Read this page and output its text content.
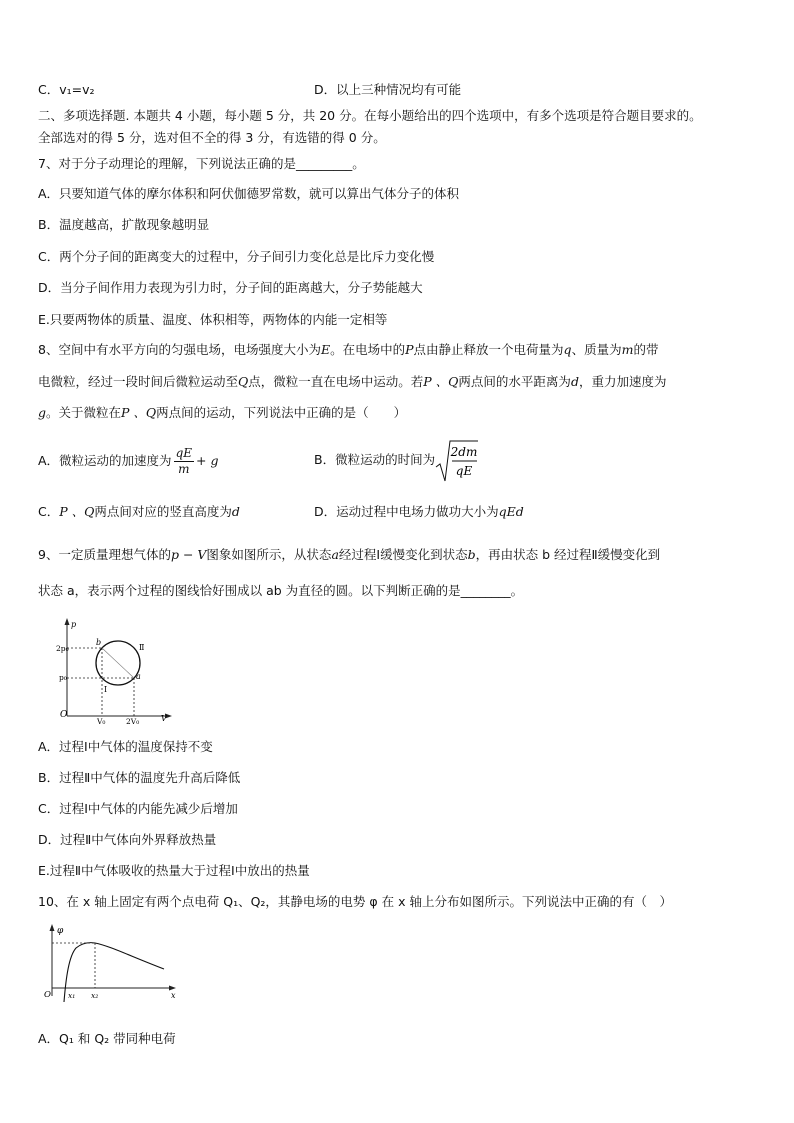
C．v₁=v₂	D．以上三种情况均有可能
二、多项选择题. 本题共 4 小题，每小题 5 分，共 20 分。在每小题给出的四个选项中，有多个选项是符合题目要求的。
全部选对的得 5 分，选对但不全的得 3 分，有选错的得 0 分。
7、对于分子动理论的理解，下列说法正确的是_________。
A．只要知道气体的摩尔体积和阿伏伽德罗常数，就可以算出气体分子的体积
B．温度越高，扩散现象越明显
C．两个分子间的距离变大的过程中，分子间引力变化总是比斥力变化慢
D．当分子间作用力表现为引力时，分子间的距离越大，分子势能越大
E.只要两物体的质量、温度、体积相等，两物体的内能一定相等
8、空间中有水平方向的匀强电场，电场强度大小为E。在电场中的P点由静止释放一个电荷量为q、质量为m的带
电微粒，经过一段时间后微粒运动至Q点，微粒一直在电场中运动。若P 、Q两点间的水平距离为d，重力加速度为
g。关于微粒在P 、Q两点间的运动，下列说法中正确的是（　　）
A．微粒运动的加速度为 $\frac{qE}{m} + g$	B．微粒运动的时间为 2dm
qE
C．P 、Q两点间对应的竖直高度为d	D．运动过程中电场力做功大小为qEd
9、一定质量理想气体的p − V图象如图所示，从状态a经过程Ⅰ缓慢变化到状态b，再由状态 b 经过程Ⅱ缓慢变化到
状态 a，表示两个过程的图线恰好围成以 ab 为直径的圆。以下判断正确的是________。
p
V
O
2p₀
p₀
V₀	2V₀
b
a
Ⅰ
Ⅱ
A．过程Ⅰ中气体的温度保持不变
B．过程Ⅱ中气体的温度先升高后降低
C．过程Ⅰ中气体的内能先减少后增加
D．过程Ⅱ中气体向外界释放热量
E.过程Ⅱ中气体吸收的热量大于过程Ⅰ中放出的热量
10、在 x 轴上固定有两个点电荷 Q₁、Q₂，其静电场的电势 φ 在 x 轴上分布如图所示。下列说法中正确的有（　）
φ
x
O x₁ x₂
A．Q₁ 和 Q₂ 带同种电荷
